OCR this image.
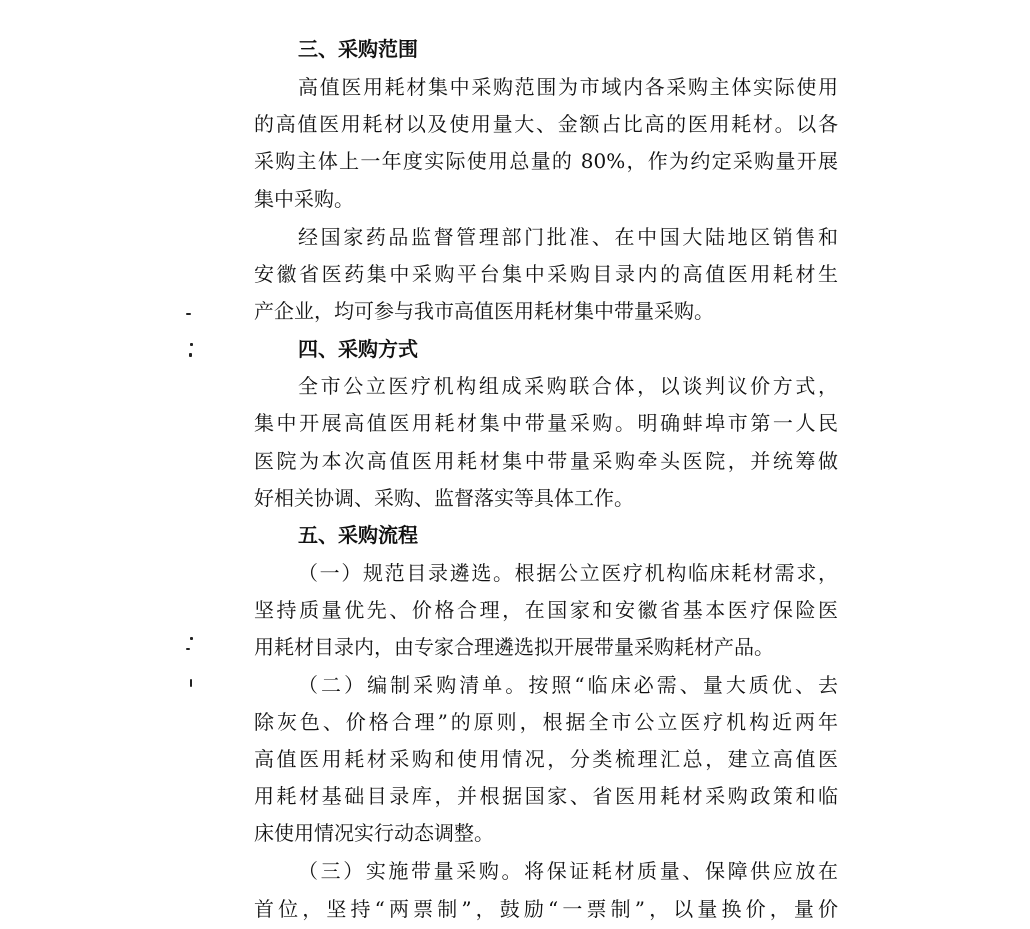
三、采购范围
高值医用耗材集中采购范围为市域内各采购主体实际使用
的高值医用耗材以及使用量大、金额占比高的医用耗材。以各
采购主体上一年度实际使用总量的 80%，作为约定采购量开展
集中采购。
经国家药品监督管理部门批准、在中国大陆地区销售和
安徽省医药集中采购平台集中采购目录内的高值医用耗材生
产企业，均可参与我市高值医用耗材集中带量采购。
四、采购方式
全市公立医疗机构组成采购联合体，以谈判议价方式，
集中开展高值医用耗材集中带量采购。明确蚌埠市第一人民
医院为本次高值医用耗材集中带量采购牵头医院，并统筹做
好相关协调、采购、监督落实等具体工作。
五、采购流程
（一）规范目录遴选。根据公立医疗机构临床耗材需求，
坚持质量优先、价格合理，在国家和安徽省基本医疗保险医
用耗材目录内，由专家合理遴选拟开展带量采购耗材产品。
（二）编制采购清单。按照“临床必需、量大质优、去
除灰色、价格合理”的原则，根据全市公立医疗机构近两年
高值医用耗材采购和使用情况，分类梳理汇总，建立高值医
用耗材基础目录库，并根据国家、省医用耗材采购政策和临
床使用情况实行动态调整。
（三）实施带量采购。将保证耗材质量、保障供应放在
首位，坚持“两票制”，鼓励“一票制”，以量换价，量价
